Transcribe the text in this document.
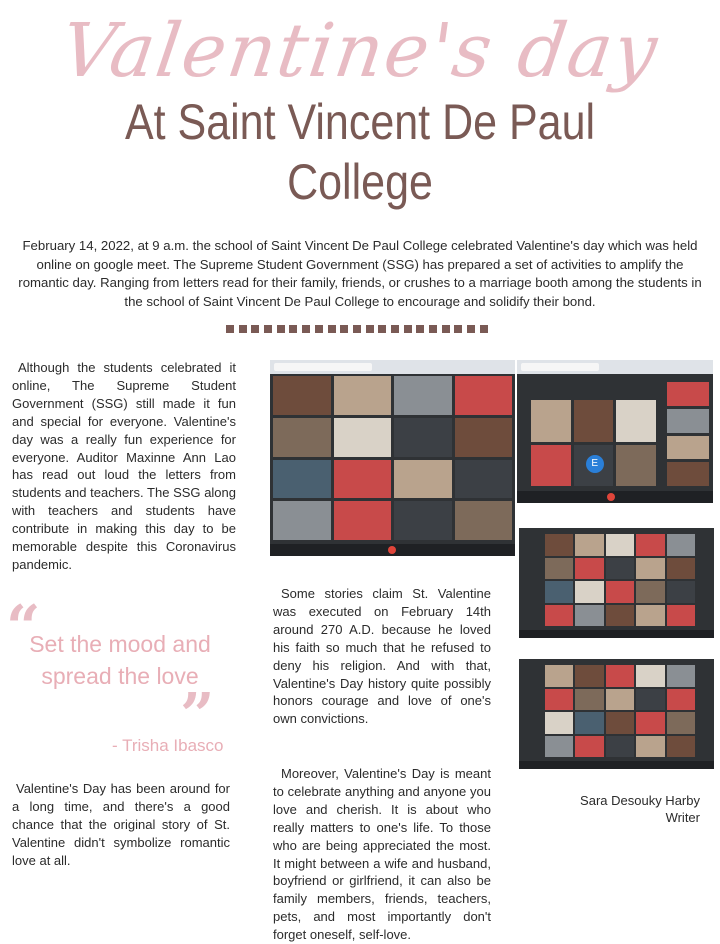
Valentine's day
At Saint Vincent De Paul College
February 14, 2022, at 9 a.m. the school of Saint Vincent De Paul College celebrated Valentine's day which was held online on google meet. The Supreme Student Government (SSG) has prepared a set of activities to amplify the romantic day. Ranging from letters read for their family, friends, or crushes to a marriage booth among the students in the school of Saint Vincent De Paul College to encourage and solidify their bond.
Although the students celebrated it online, The Supreme Student Government (SSG) still made it fun and special for everyone. Valentine's day was a really fun experience for everyone. Auditor Maxinne Ann Lao has read out loud the letters from students and teachers. The SSG along with teachers and students have contribute in making this day to be memorable despite this Coronavirus pandemic.
“
Set the mood and
spread the love
”
- Trisha Ibasco
Valentine's Day has been around for a long time, and there's a good chance that the original story of St. Valentine didn't symbolize romantic love at all.
Some stories claim St. Valentine was executed on February 14th around 270 A.D. because he loved his faith so much that he refused to deny his religion. And with that, Valentine's Day history quite possibly honors courage and love of one's own convictions.
Moreover, Valentine's Day is meant to celebrate anything and anyone you love and cherish. It is about who really matters to one's life. To those who are being appreciated the most. It might between a wife and husband, boyfriend or girlfriend, it can also be family members, friends, teachers, pets, and most importantly don't forget oneself, self-love.
Sara Desouky Harby
Writer
E
